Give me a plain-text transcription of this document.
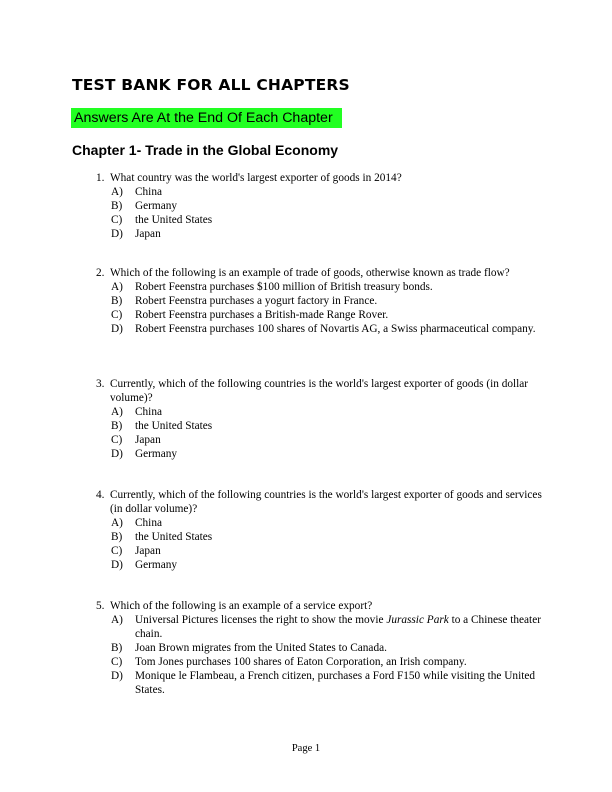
TEST BANK FOR ALL CHAPTERS
Answers Are At the End Of Each Chapter
Chapter 1- Trade in the Global Economy
1. What country was the world's largest exporter of goods in 2014?
A)	China
B)	Germany
C)	the United States
D)	Japan
2. Which of the following is an example of trade of goods, otherwise known as trade flow?
A)	Robert Feenstra purchases $100 million of British treasury bonds.
B)	Robert Feenstra purchases a yogurt factory in France.
C)	Robert Feenstra purchases a British-made Range Rover.
D)	Robert Feenstra purchases 100 shares of Novartis AG, a Swiss pharmaceutical company.
3. Currently, which of the following countries is the world's largest exporter of goods (in dollar volume)?
A)	China
B)	the United States
C)	Japan
D)	Germany
4. Currently, which of the following countries is the world's largest exporter of goods and services (in dollar volume)?
A)	China
B)	the United States
C)	Japan
D)	Germany
5. Which of the following is an example of a service export?
A)	Universal Pictures licenses the right to show the movie Jurassic Park to a Chinese theater chain.
B)	Joan Brown migrates from the United States to Canada.
C)	Tom Jones purchases 100 shares of Eaton Corporation, an Irish company.
D)	Monique le Flambeau, a French citizen, purchases a Ford F150 while visiting the United States.
Page 1
